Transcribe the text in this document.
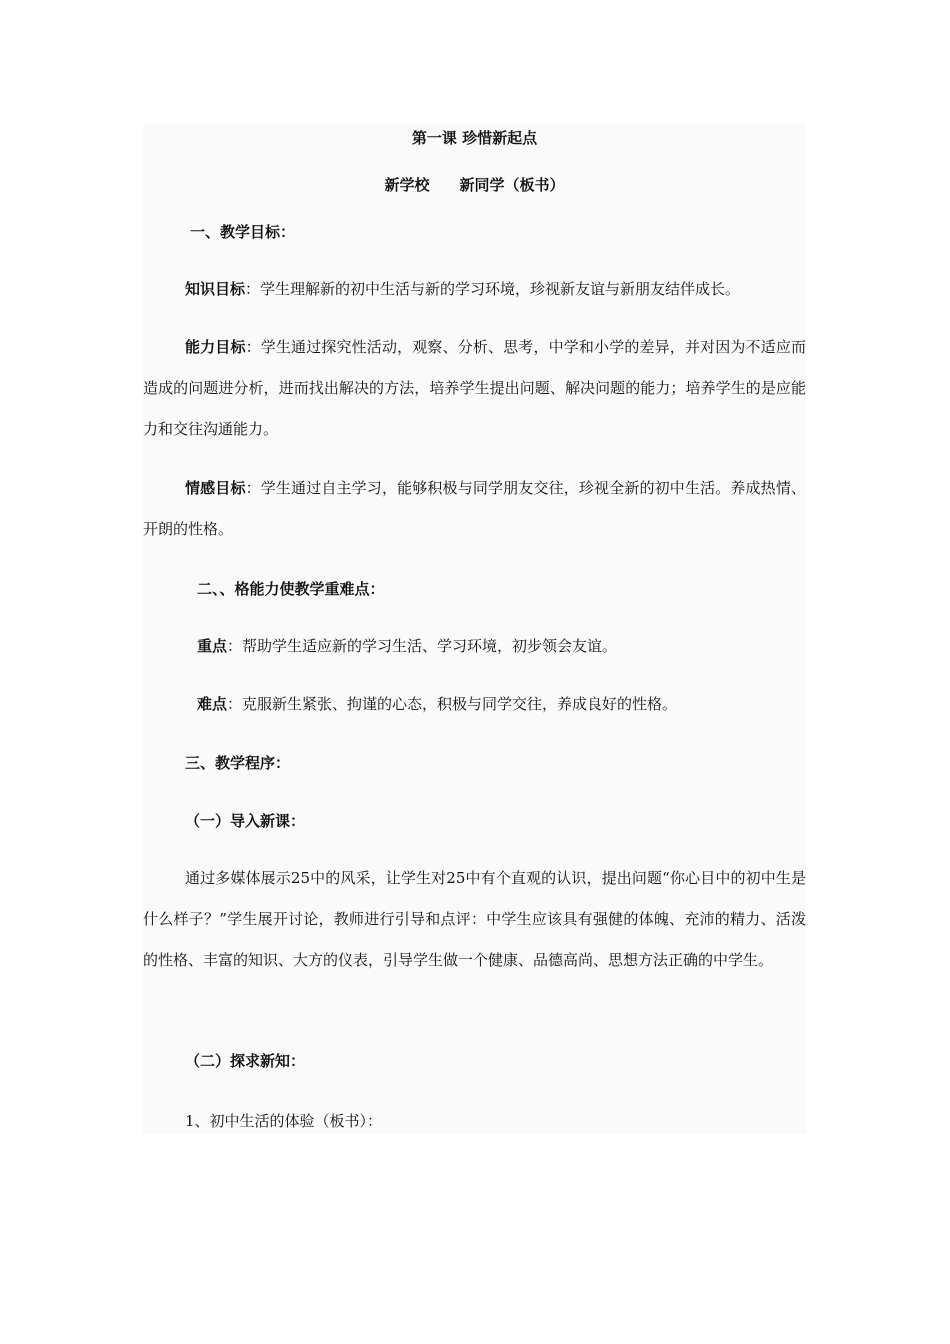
第一课 珍惜新起点
新学校　　新同学（板书）
一、教学目标：
知识目标：学生理解新的初中生活与新的学习环境，珍视新友谊与新朋友结伴成长。
能力目标：学生通过探究性活动，观察、分析、思考，中学和小学的差异，并对因为不适应而造成的问题进分析，进而找出解决的方法，培养学生提出问题、解决问题的能力；培养学生的是应能力和交往沟通能力。
情感目标：学生通过自主学习，能够积极与同学朋友交往，珍视全新的初中生活。养成热情、开朗的性格。
二、、格能力使教学重难点：
重点：帮助学生适应新的学习生活、学习环境，初步领会友谊。
难点：克服新生紧张、拘谨的心态，积极与同学交往，养成良好的性格。
三、教学程序：
（一）导入新课：
通过多媒体展示25中的风采，让学生对25中有个直观的认识，提出问题“你心目中的初中生是什么样子？”学生展开讨论，教师进行引导和点评：中学生应该具有强健的体魄、充沛的精力、活泼的性格、丰富的知识、大方的仪表，引导学生做一个健康、品德高尚、思想方法正确的中学生。
（二）探求新知：
1、初中生活的体验（板书）：
